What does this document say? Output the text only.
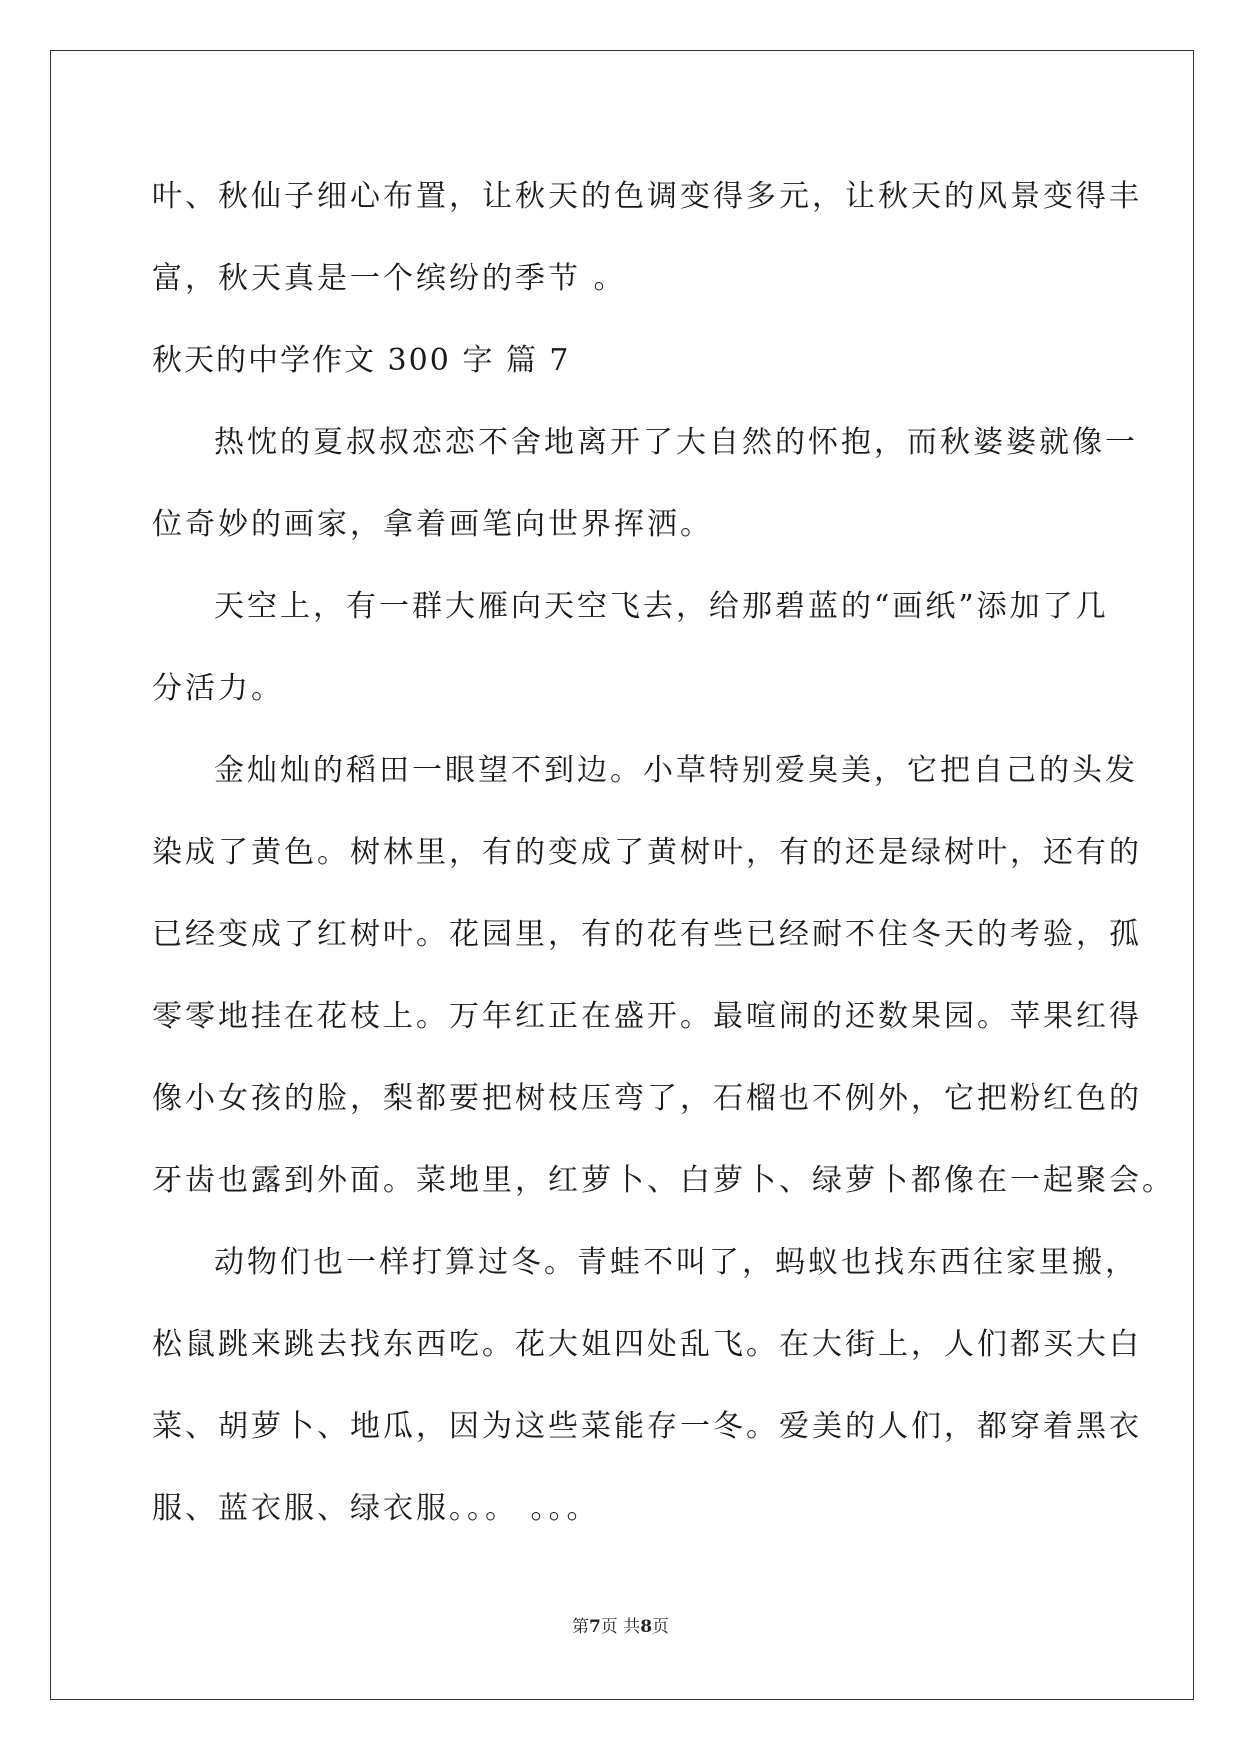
叶、秋仙子细心布置，让秋天的色调变得多元，让秋天的风景变得丰
富，秋天真是一个缤纷的季节 。
秋天的中学作文 300 字 篇 7
热忱的夏叔叔恋恋不舍地离开了大自然的怀抱，而秋婆婆就像一
位奇妙的画家，拿着画笔向世界挥洒。
天空上，有一群大雁向天空飞去，给那碧蓝的“画纸”添加了几
分活力。
金灿灿的稻田一眼望不到边。小草特别爱臭美，它把自己的头发
染成了黄色。树林里，有的变成了黄树叶，有的还是绿树叶，还有的
已经变成了红树叶。花园里，有的花有些已经耐不住冬天的考验，孤
零零地挂在花枝上。万年红正在盛开。最喧闹的还数果园。苹果红得
像小女孩的脸，梨都要把树枝压弯了，石榴也不例外，它把粉红色的
牙齿也露到外面。菜地里，红萝卜、白萝卜、绿萝卜都像在一起聚会。
动物们也一样打算过冬。青蛙不叫了，蚂蚁也找东西往家里搬，
松鼠跳来跳去找东西吃。花大姐四处乱飞。在大街上，人们都买大白
菜、胡萝卜、地瓜，因为这些菜能存一冬。爱美的人们，都穿着黑衣
服、蓝衣服、绿衣服。。。 。。。
第7页 共8页
